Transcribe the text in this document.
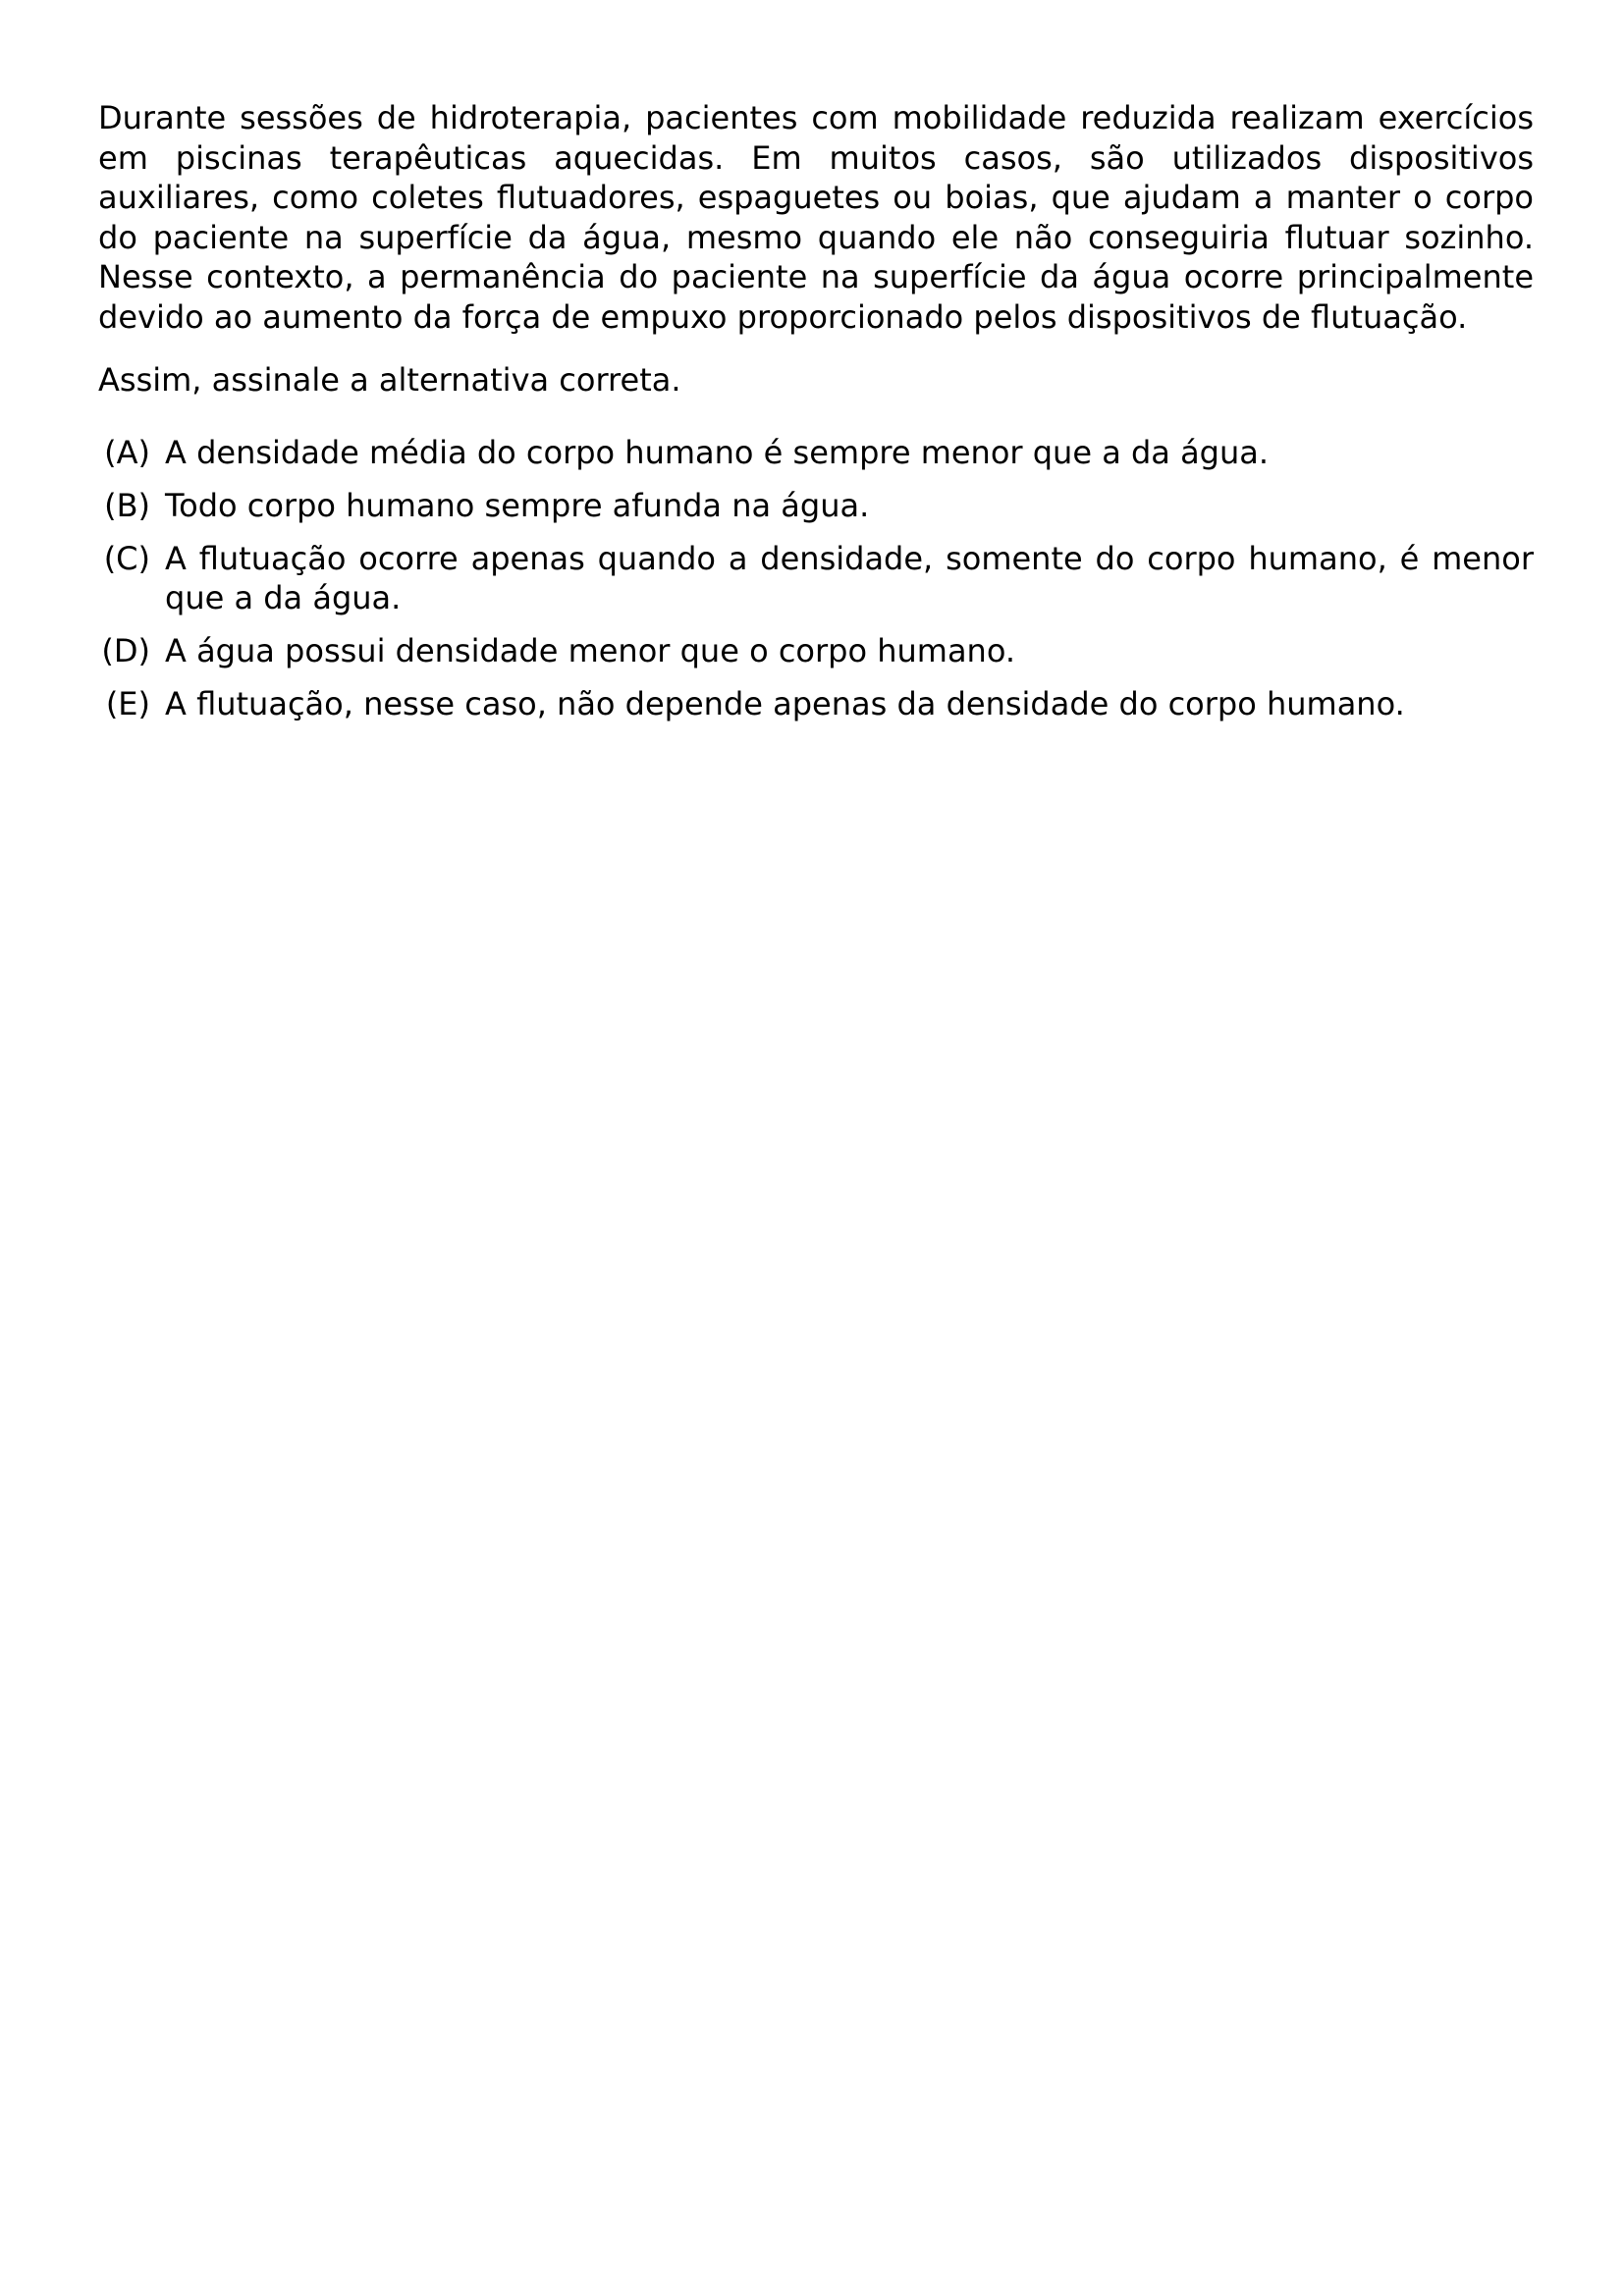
Durante sessões de hidroterapia, pacientes com mobilidade reduzida realizam exercícios em piscinas terapêuticas aquecidas. Em muitos casos, são utilizados dispositivos auxiliares, como coletes flutuadores, espaguetes ou boias, que ajudam a manter o corpo do paciente na superfície da água, mesmo quando ele não conseguiria flutuar sozinho. Nesse contexto, a permanência do paciente na superfície da água ocorre principalmente devido ao aumento da força de empuxo proporcionado pelos dispositivos de flutuação.

Assim, assinale a alternativa correta.

(A) A densidade média do corpo humano é sempre menor que a da água.
(B) Todo corpo humano sempre afunda na água.
(C) A flutuação ocorre apenas quando a densidade, somente do corpo humano, é menor que a da água.
(D) A água possui densidade menor que o corpo humano.
(E) A flutuação, nesse caso, não depende apenas da densidade do corpo humano.
